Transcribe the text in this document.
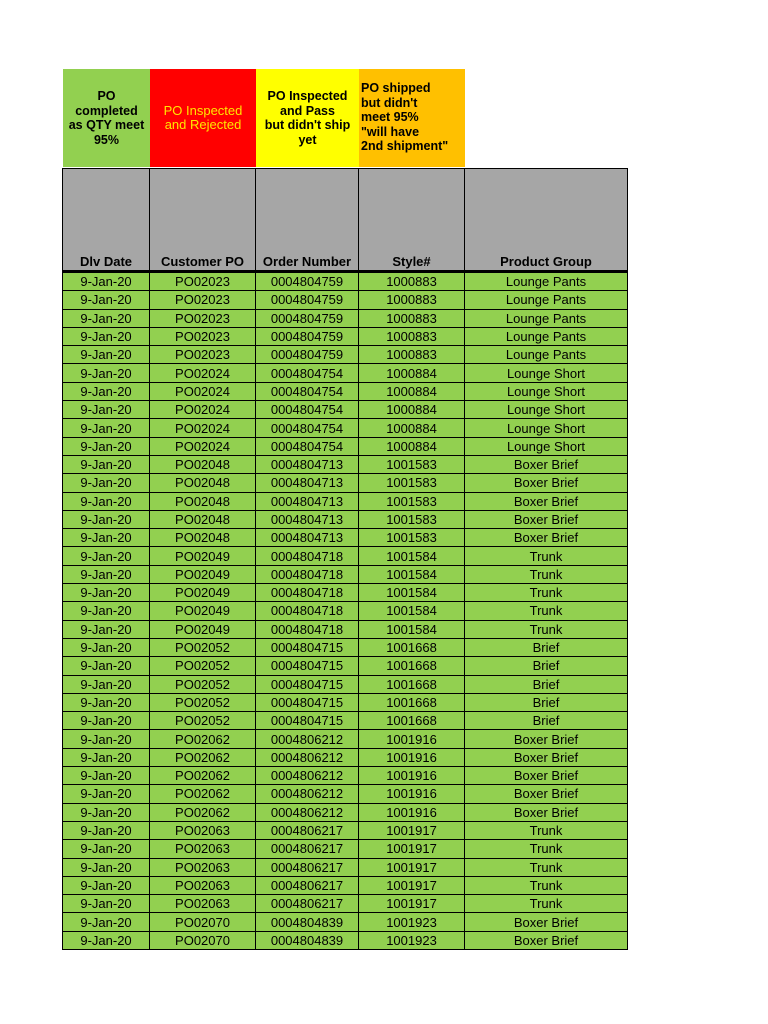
PO
completed
as QTY meet
95%
PO Inspected
and Rejected
PO Inspected
and Pass
but didn't ship
yet
PO shipped
but didn't
meet 95%
"will have
2nd shipment"
Dlv Date	Customer PO	Order Number	Style#	Product Group
9-Jan-20	PO02023	0004804759	1000883	Lounge Pants
9-Jan-20	PO02023	0004804759	1000883	Lounge Pants
9-Jan-20	PO02023	0004804759	1000883	Lounge Pants
9-Jan-20	PO02023	0004804759	1000883	Lounge Pants
9-Jan-20	PO02023	0004804759	1000883	Lounge Pants
9-Jan-20	PO02024	0004804754	1000884	Lounge Short
9-Jan-20	PO02024	0004804754	1000884	Lounge Short
9-Jan-20	PO02024	0004804754	1000884	Lounge Short
9-Jan-20	PO02024	0004804754	1000884	Lounge Short
9-Jan-20	PO02024	0004804754	1000884	Lounge Short
9-Jan-20	PO02048	0004804713	1001583	Boxer Brief
9-Jan-20	PO02048	0004804713	1001583	Boxer Brief
9-Jan-20	PO02048	0004804713	1001583	Boxer Brief
9-Jan-20	PO02048	0004804713	1001583	Boxer Brief
9-Jan-20	PO02048	0004804713	1001583	Boxer Brief
9-Jan-20	PO02049	0004804718	1001584	Trunk
9-Jan-20	PO02049	0004804718	1001584	Trunk
9-Jan-20	PO02049	0004804718	1001584	Trunk
9-Jan-20	PO02049	0004804718	1001584	Trunk
9-Jan-20	PO02049	0004804718	1001584	Trunk
9-Jan-20	PO02052	0004804715	1001668	Brief
9-Jan-20	PO02052	0004804715	1001668	Brief
9-Jan-20	PO02052	0004804715	1001668	Brief
9-Jan-20	PO02052	0004804715	1001668	Brief
9-Jan-20	PO02052	0004804715	1001668	Brief
9-Jan-20	PO02062	0004806212	1001916	Boxer Brief
9-Jan-20	PO02062	0004806212	1001916	Boxer Brief
9-Jan-20	PO02062	0004806212	1001916	Boxer Brief
9-Jan-20	PO02062	0004806212	1001916	Boxer Brief
9-Jan-20	PO02062	0004806212	1001916	Boxer Brief
9-Jan-20	PO02063	0004806217	1001917	Trunk
9-Jan-20	PO02063	0004806217	1001917	Trunk
9-Jan-20	PO02063	0004806217	1001917	Trunk
9-Jan-20	PO02063	0004806217	1001917	Trunk
9-Jan-20	PO02063	0004806217	1001917	Trunk
9-Jan-20	PO02070	0004804839	1001923	Boxer Brief
9-Jan-20	PO02070	0004804839	1001923	Boxer Brief
